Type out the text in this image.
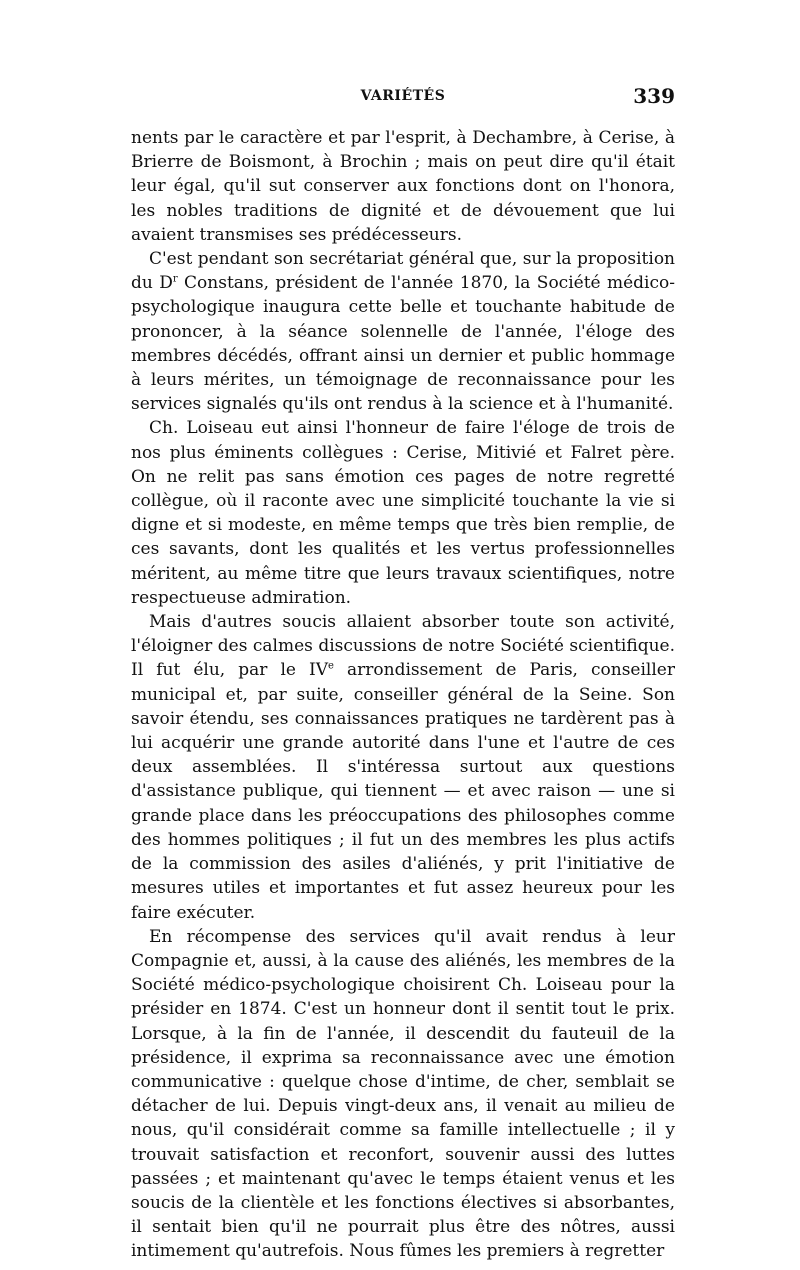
VARIÉTÉS	339

nents par le caractère et par l'esprit, à Dechambre, à Cerise, à Brierre de Boismont, à Brochin ; mais on peut dire qu'il était leur égal, qu'il sut conserver aux fonctions dont on l'honora, les nobles traditions de dignité et de dévouement que lui avaient transmises ses prédécesseurs.

C'est pendant son secrétariat général que, sur la proposition du $D^r$ Constans, président de l'année 1870, la Société médico-psychologique inaugura cette belle et touchante habitude de prononcer, à la séance solennelle de l'année, l'éloge des membres décédés, offrant ainsi un dernier et public hommage à leurs mérites, un témoignage de reconnaissance pour les services signalés qu'ils ont rendus à la science et à l'humanité.

Ch. Loiseau eut ainsi l'honneur de faire l'éloge de trois de nos plus éminents collègues : Cerise, Mitivié et Falret père. On ne relit pas sans émotion ces pages de notre regretté collègue, où il raconte avec une simplicité touchante la vie si digne et si modeste, en même temps que très bien remplie, de ces savants, dont les qualités et les vertus professionnelles méritent, au même titre que leurs travaux scientifiques, notre respectueuse admiration.

Mais d'autres soucis allaient absorber toute son activité, l'éloigner des calmes discussions de notre Société scientifique. Il fut élu, par le IVe arrondissement de Paris, conseiller municipal et, par suite, conseiller général de la Seine. Son savoir étendu, ses connaissances pratiques ne tardèrent pas à lui acquérir une grande autorité dans l'une et l'autre de ces deux assemblées. Il s'intéressa surtout aux questions d'assistance publique, qui tiennent — et avec raison — une si grande place dans les préoccupations des philosophes comme des hommes politiques ; il fut un des membres les plus actifs de la commission des asiles d'aliénés, y prit l'initiative de mesures utiles et importantes et fut assez heureux pour les faire exécuter.

En récompense des services qu'il avait rendus à leur Compagnie et, aussi, à la cause des aliénés, les membres de la Société médico-psychologique choisirent Ch. Loiseau pour la présider en 1874. C'est un honneur dont il sentit tout le prix. Lorsque, à la fin de l'année, il descendit du fauteuil de la présidence, il exprima sa reconnaissance avec une émotion communicative : quelque chose d'intime, de cher, semblait se détacher de lui. Depuis vingt-deux ans, il venait au milieu de nous, qu'il considérait comme sa famille intellectuelle ; il y trouvait satisfaction et reconfort, souvenir aussi des luttes passées ; et maintenant qu'avec le temps étaient venus et les soucis de la clientèle et les fonctions électives si absorbantes, il sentait bien qu'il ne pourrait plus être des nôtres, aussi intimement qu'autrefois. Nous fûmes les premiers à regretter
